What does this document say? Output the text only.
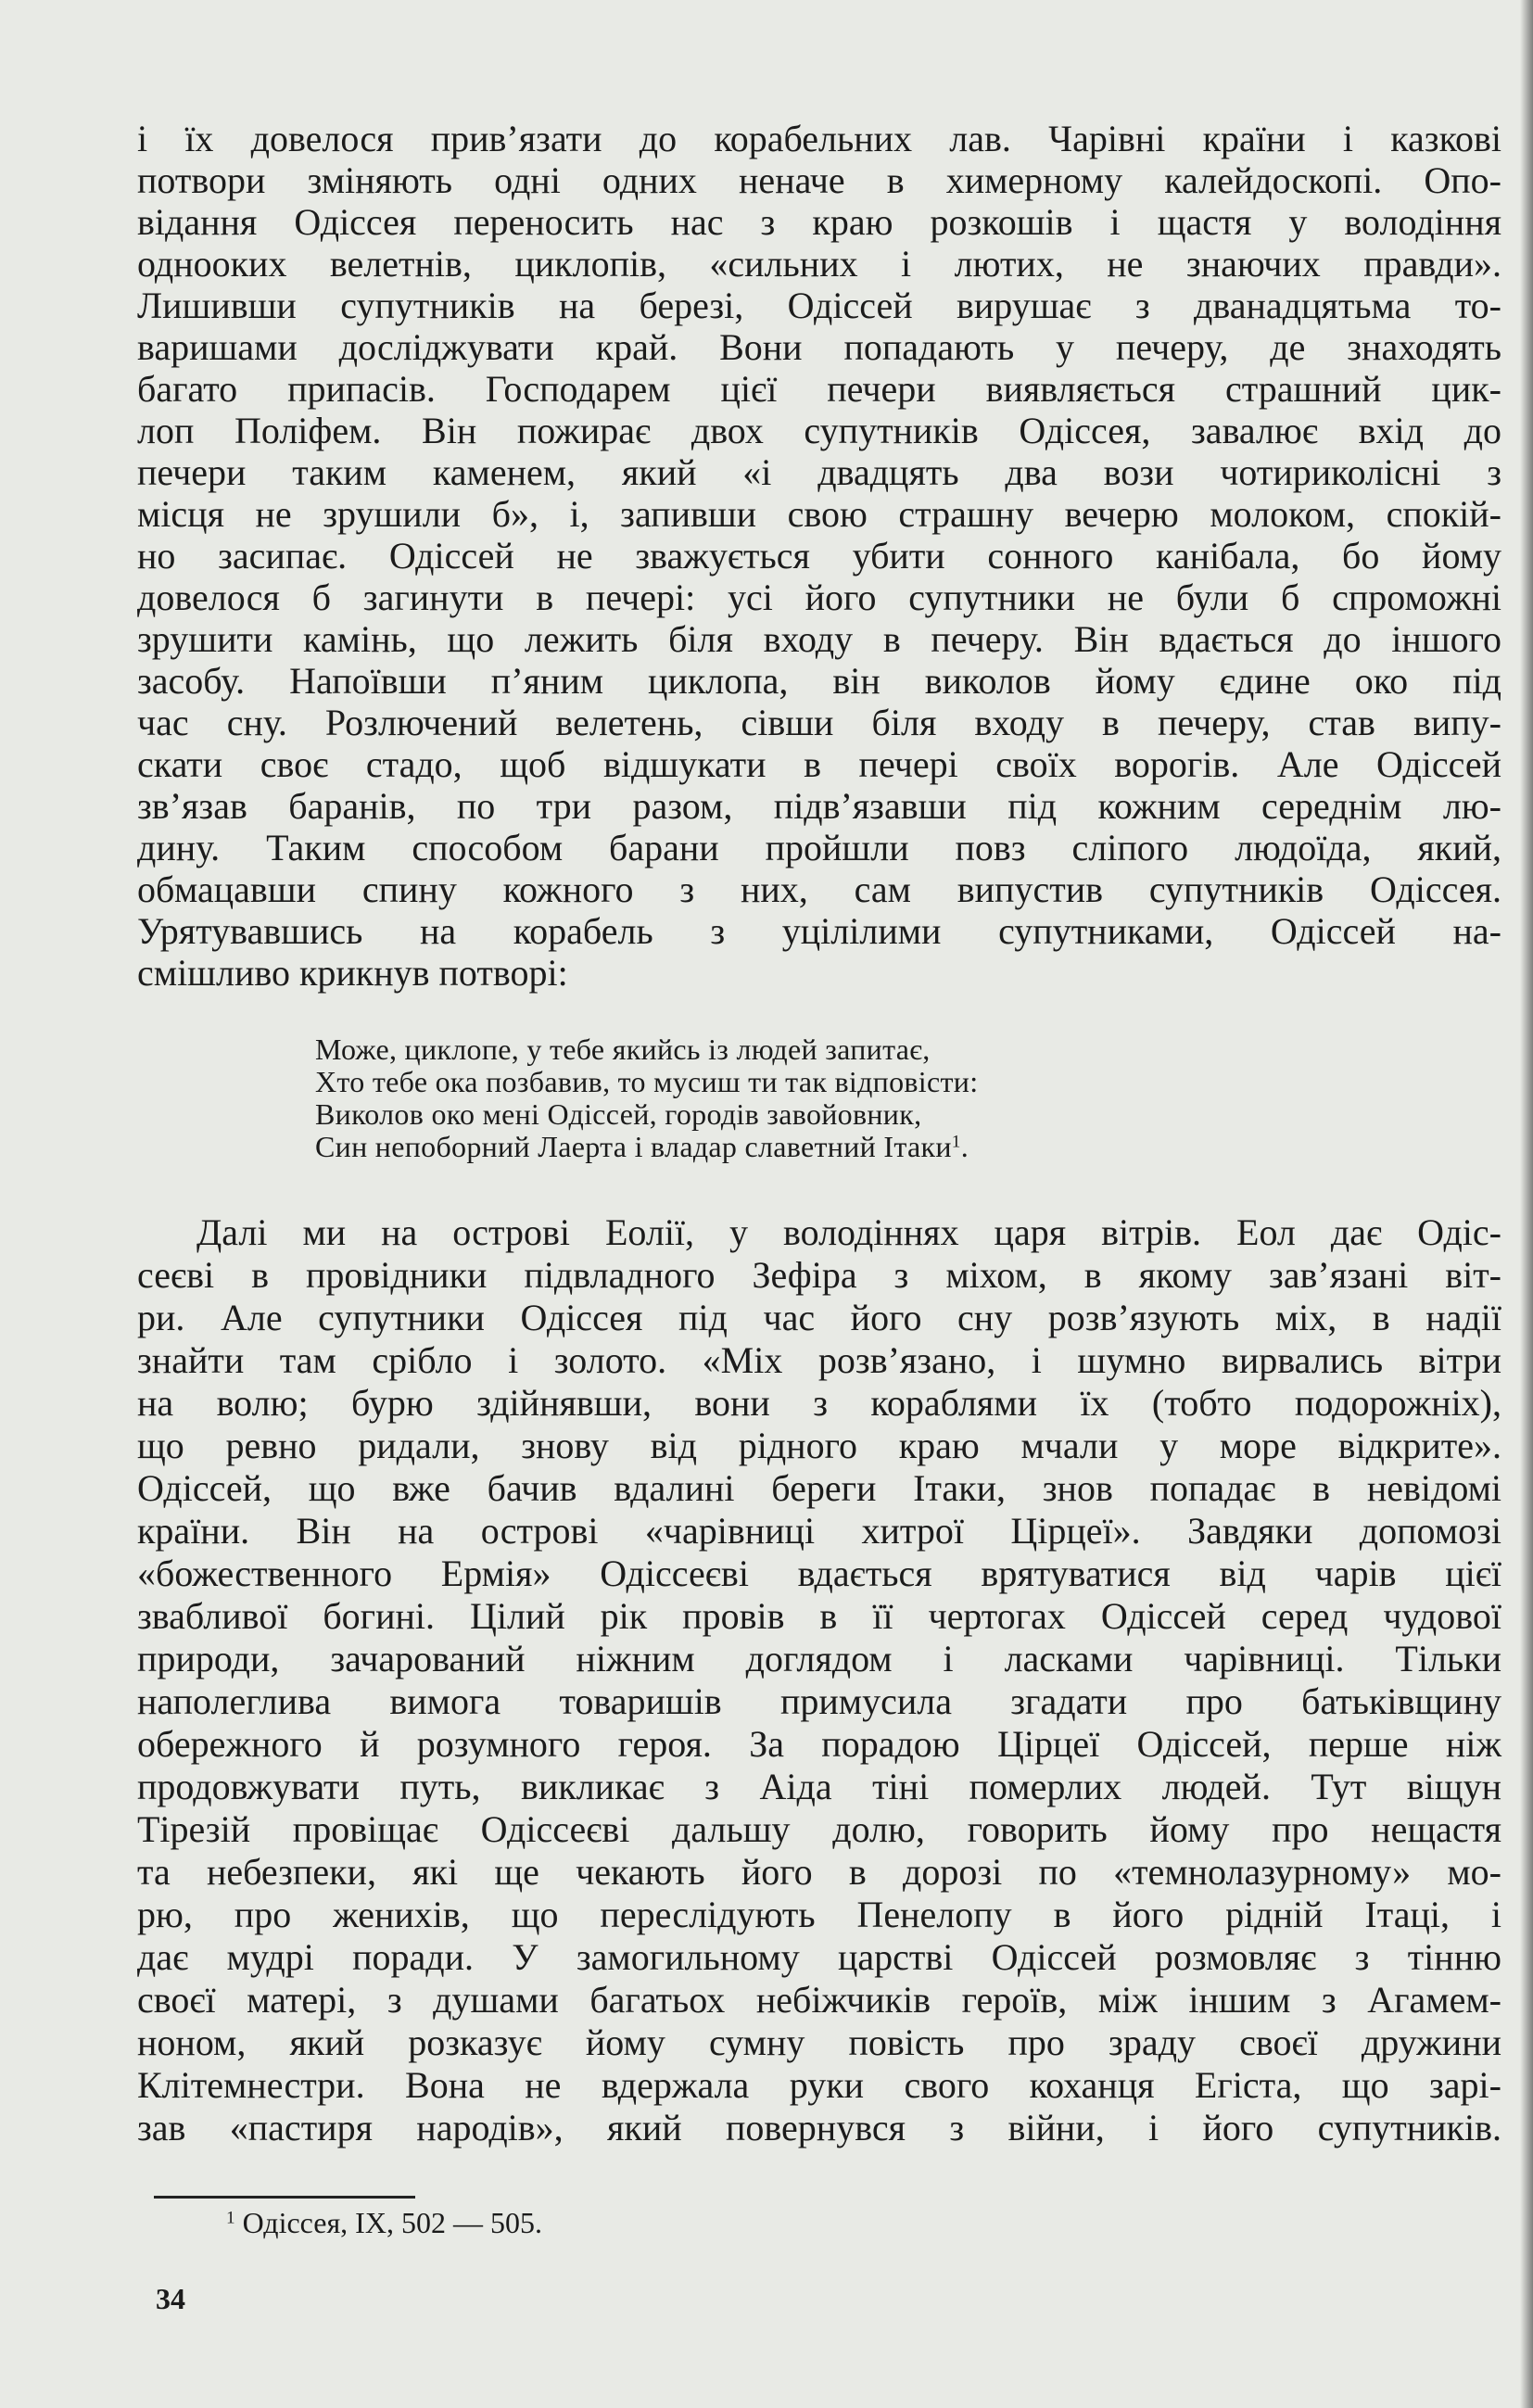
і їх довелося прив’язати до корабельних лав. Чарівні країни і казкові
потвори зміняють одні одних неначе в химерному калейдоскопі. Опо-
відання Одіссея переносить нас з краю розкошів і щастя у володіння
однооких велетнів, циклопів, «сильних і лютих, не знаючих правди».
Лишивши супутників на березі, Одіссей вирушає з дванадцятьма то-
варишами досліджувати край. Вони попадають у печеру, де знаходять
багато припасів. Господарем цієї печери виявляється страшний цик-
лоп Поліфем. Він пожирає двох супутників Одіссея, завалює вхід до
печери таким каменем, який «і двадцять два вози чотириколісні з
місця не зрушили б», і, запивши свою страшну вечерю молоком, спокій-
но засипає. Одіссей не зважується убити сонного канібала, бо йому
довелося б загинути в печері: усі його супутники не були б спроможні
зрушити камінь, що лежить біля входу в печеру. Він вдається до іншого
засобу. Напоївши п’яним циклопа, він виколов йому єдине око під
час сну. Розлючений велетень, сівши біля входу в печеру, став випу-
скати своє стадо, щоб відшукати в печері своїх ворогів. Але Одіссей
зв’язав баранів, по три разом, підв’язавши під кожним середнім лю-
дину. Таким способом барани пройшли повз сліпого людоїда, який,
обмацавши спину кожного з них, сам випустив супутників Одіссея.
Урятувавшись на корабель з уцілілими супутниками, Одіссей на-
смішливо крикнув потворі:
Може, циклопе, у тебе якийсь із людей запитає,
Хто тебе ока позбавив, то мусиш ти так відповісти:
Виколов око мені Одіссей, городів завойовник,
Син непоборний Лаерта і владар славетний Ітаки$^1$.
Далі ми на острові Еолії, у володіннях царя вітрів. Еол дає Одіс-
сеєві в провідники підвладного Зефіра з міхом, в якому зав’язані віт-
ри. Але супутники Одіссея під час його сну розв’язують міх, в надії
знайти там срібло і золото. «Міх розв’язано, і шумно вирвались вітри
на волю; бурю здійнявши, вони з кораблями їх (тобто подорожніх),
що ревно ридали, знову від рідного краю мчали у море відкрите».
Одіссей, що вже бачив вдалині береги Ітаки, знов попадає в невідомі
країни. Він на острові «чарівниці хитрої Цірцеї». Завдяки допомозі
«божественного Ермія» Одіссеєві вдається врятуватися від чарів цієї
звабливої богині. Цілий рік провів в її чертогах Одіссей серед чудової
природи, зачарований ніжним доглядом і ласками чарівниці. Тільки
наполеглива вимога товаришів примусила згадати про батьківщину
обережного й розумного героя. За порадою Цірцеї Одіссей, перше ніж
продовжувати путь, викликає з Аіда тіні померлих людей. Тут віщун
Тірезій провіщає Одіссеєві дальшу долю, говорить йому про нещастя
та небезпеки, які ще чекають його в дорозі по «темнолазурному» мо-
рю, про женихів, що переслідують Пенелопу в його рідній Ітаці, і
дає мудрі поради. У замогильному царстві Одіссей розмовляє з тінню
своєї матері, з душами багатьох небіжчиків героїв, між іншим з Агамем-
ноном, який розказує йому сумну повість про зраду своєї дружини
Клітемнестри. Вона не вдержала руки свого коханця Егіста, що зарі-
зав «пастиря народів», який повернувся з війни, і його супутників.
$^1$ Одіссея, IX, 502 — 505.
34
